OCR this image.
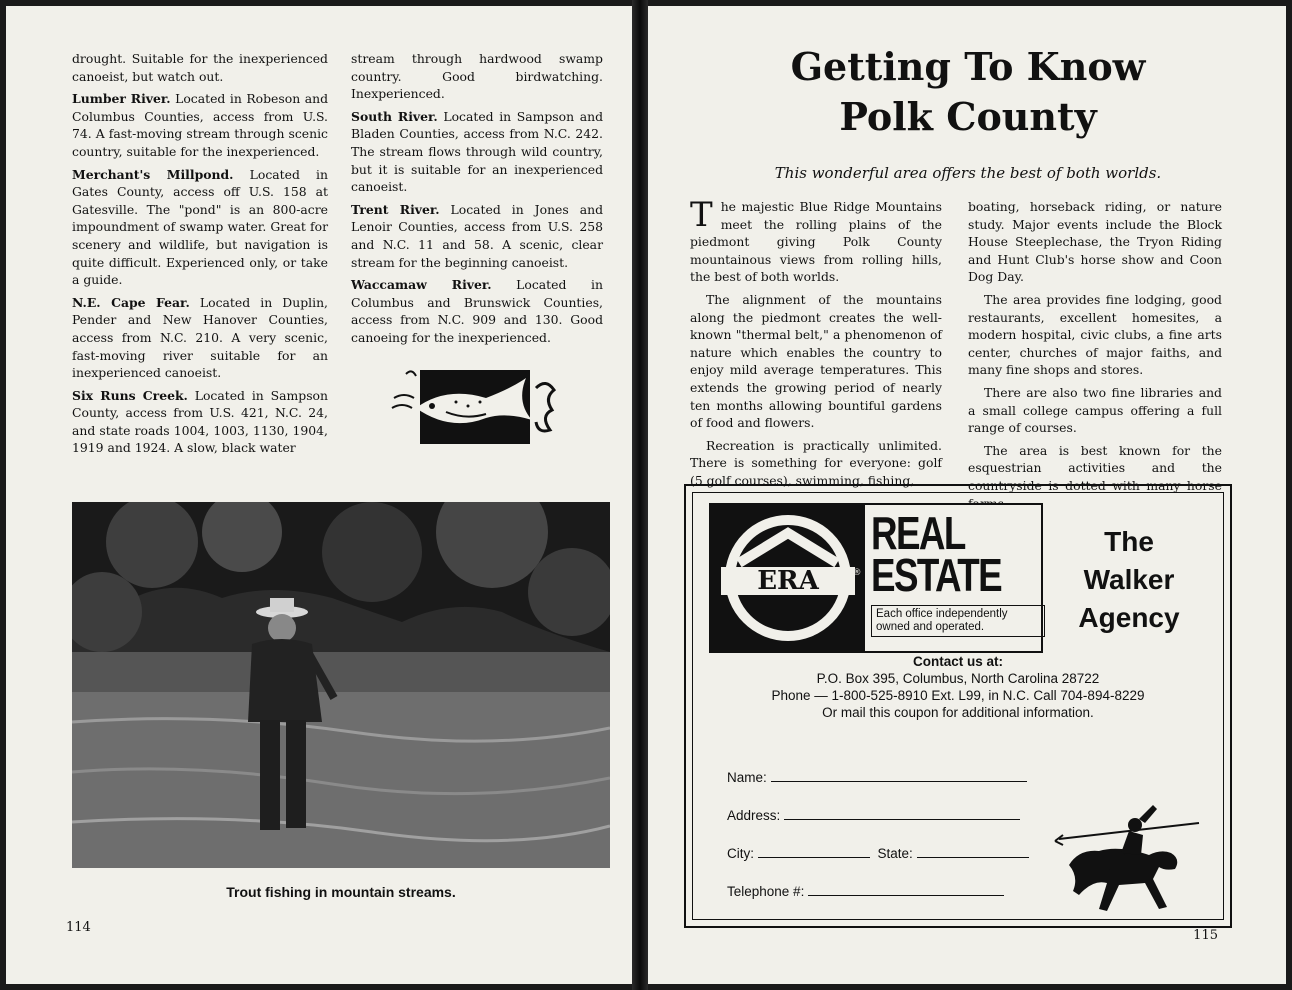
drought. Suitable for the inexperienced canoeist, but watch out.

Lumber River. Located in Robeson and Columbus Counties, access from U.S. 74. A fast-moving stream through scenic country, suitable for the inexperienced.

Merchant's Millpond. Located in Gates County, access off U.S. 158 at Gatesville. The "pond" is an 800-acre impoundment of swamp water. Great for scenery and wildlife, but navigation is quite difficult. Experienced only, or take a guide.

N.E. Cape Fear. Located in Duplin, Pender and New Hanover Counties, access from N.C. 210. A very scenic, fast-moving river suitable for an inexperienced canoeist.

Six Runs Creek. Located in Sampson County, access from U.S. 421, N.C. 24, and state roads 1004, 1003, 1130, 1904, 1919 and 1924. A slow, black water

stream through hardwood swamp country. Good birdwatching. Inexperienced.

South River. Located in Sampson and Bladen Counties, access from N.C. 242. The stream flows through wild country, but it is suitable for an inexperienced canoeist.

Trent River. Located in Jones and Lenoir Counties, access from U.S. 258 and N.C. 11 and 58. A scenic, clear stream for the beginning canoeist.

Waccamaw River. Located in Columbus and Brunswick Counties, access from N.C. 909 and 130. Good canoeing for the inexperienced.

Trout fishing in mountain streams.
114
Getting To Know
Polk County
This wonderful area offers the best of both worlds.

The majestic Blue Ridge Mountains meet the rolling plains of the piedmont giving Polk County mountainous views from rolling hills, the best of both worlds.

The alignment of the mountains along the piedmont creates the well-known "thermal belt," a phenomenon of nature which enables the country to enjoy mild average temperatures. This extends the growing period of nearly ten months allowing bountiful gardens of food and flowers.

Recreation is practically unlimited. There is something for everyone: golf (5 golf courses), swimming, fishing,

boating, horseback riding, or nature study. Major events include the Block House Steeplechase, the Tryon Riding and Hunt Club's horse show and Coon Dog Day.

The area provides fine lodging, good restaurants, excellent homesites, a modern hospital, civic clubs, a fine arts center, churches of major faiths, and many fine shops and stores.

There are also two fine libraries and a small college campus offering a full range of courses.

The area is best known for the esquestrian activities and the countryside is dotted with many horse

ERA	®
REAL
ESTATE
Each office independently owned and operated.
The
Walker
Agency
Contact us at:
P.O. Box 395, Columbus, North Carolina 28722
Phone — 1-800-525-8910 Ext. L99, in N.C. Call 704-894-8229
Or mail this coupon for additional information.
Name:
Address:
City:	State:
Telephone #:
115
